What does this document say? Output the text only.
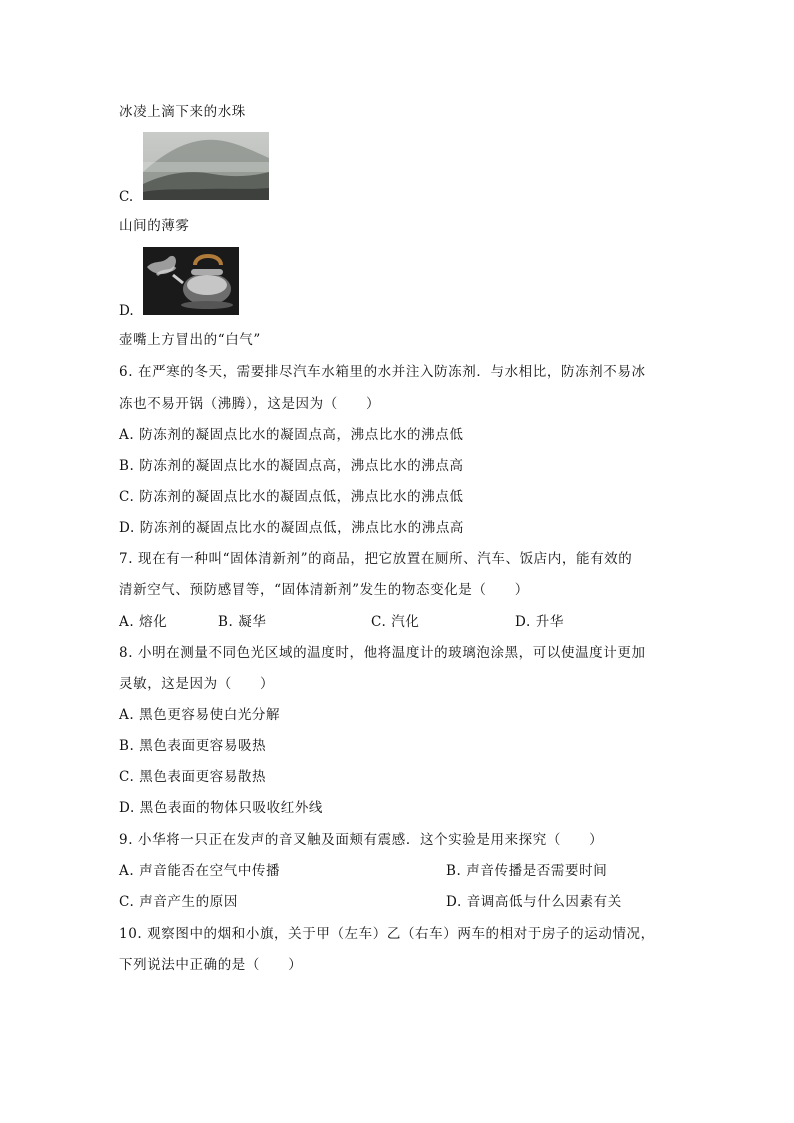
冰凌上滴下来的水珠
C.
山间的薄雾
D.
壶嘴上方冒出的“白气”
6. 在严寒的冬天，需要排尽汽车水箱里的水并注入防冻剂．与水相比，防冻剂不易冰
冻也不易开锅（沸腾），这是因为（　　）
A. 防冻剂的凝固点比水的凝固点高，沸点比水的沸点低
B. 防冻剂的凝固点比水的凝固点高，沸点比水的沸点高
C. 防冻剂的凝固点比水的凝固点低，沸点比水的沸点低
D. 防冻剂的凝固点比水的凝固点低，沸点比水的沸点高
7. 现在有一种叫“固体清新剂”的商品，把它放置在厕所、汽车、饭店内，能有效的
清新空气、预防感冒等，“固体清新剂”发生的物态变化是（　　）
A. 熔化	B. 凝华	C. 汽化	D. 升华
8. 小明在测量不同色光区域的温度时，他将温度计的玻璃泡涂黑，可以使温度计更加
灵敏，这是因为（　　）
A. 黑色更容易使白光分解
B. 黑色表面更容易吸热
C. 黑色表面更容易散热
D. 黑色表面的物体只吸收红外线
9. 小华将一只正在发声的音叉触及面颊有震感．这个实验是用来探究（　　）
A. 声音能否在空气中传播	B. 声音传播是否需要时间
C. 声音产生的原因	D. 音调高低与什么因素有关
10. 观察图中的烟和小旗，关于甲（左车）乙（右车）两车的相对于房子的运动情况，
下列说法中正确的是（　　）
